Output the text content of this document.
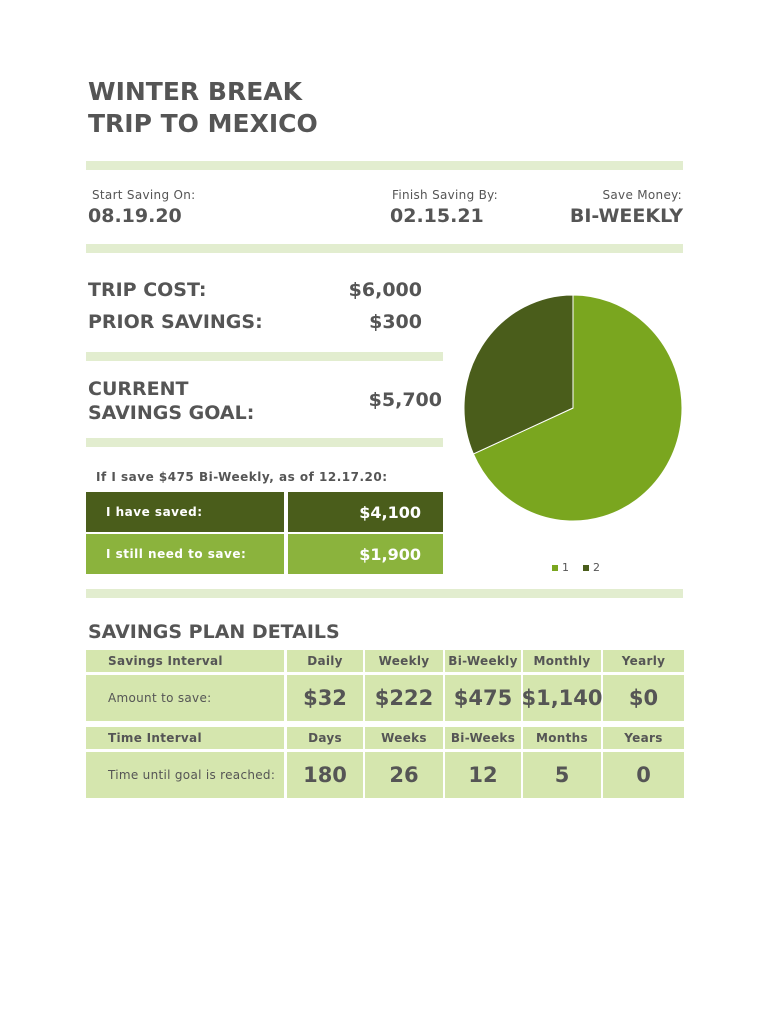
WINTER BREAK
TRIP TO MEXICO
Start Saving On:
08.19.20
Finish Saving By:
02.15.21
Save Money:
BI-WEEKLY
TRIP COST:	$6,000
PRIOR SAVINGS:	$300
CURRENT
SAVINGS GOAL:
$5,700
If I save $475 Bi-Weekly, as of 12.17.20:
I have saved:	$4,100
I still need to save:	$1,900
1 2
SAVINGS PLAN DETAILS
Savings Interval	Daily	Weekly	Bi-Weekly	Monthly	Yearly
Amount to save:	$32	$222 $475 $1,140	$0
Time Interval	Days	Weeks	Bi-Weeks	Months	Years
Time until goal is reached:	180	26	12	5	0
